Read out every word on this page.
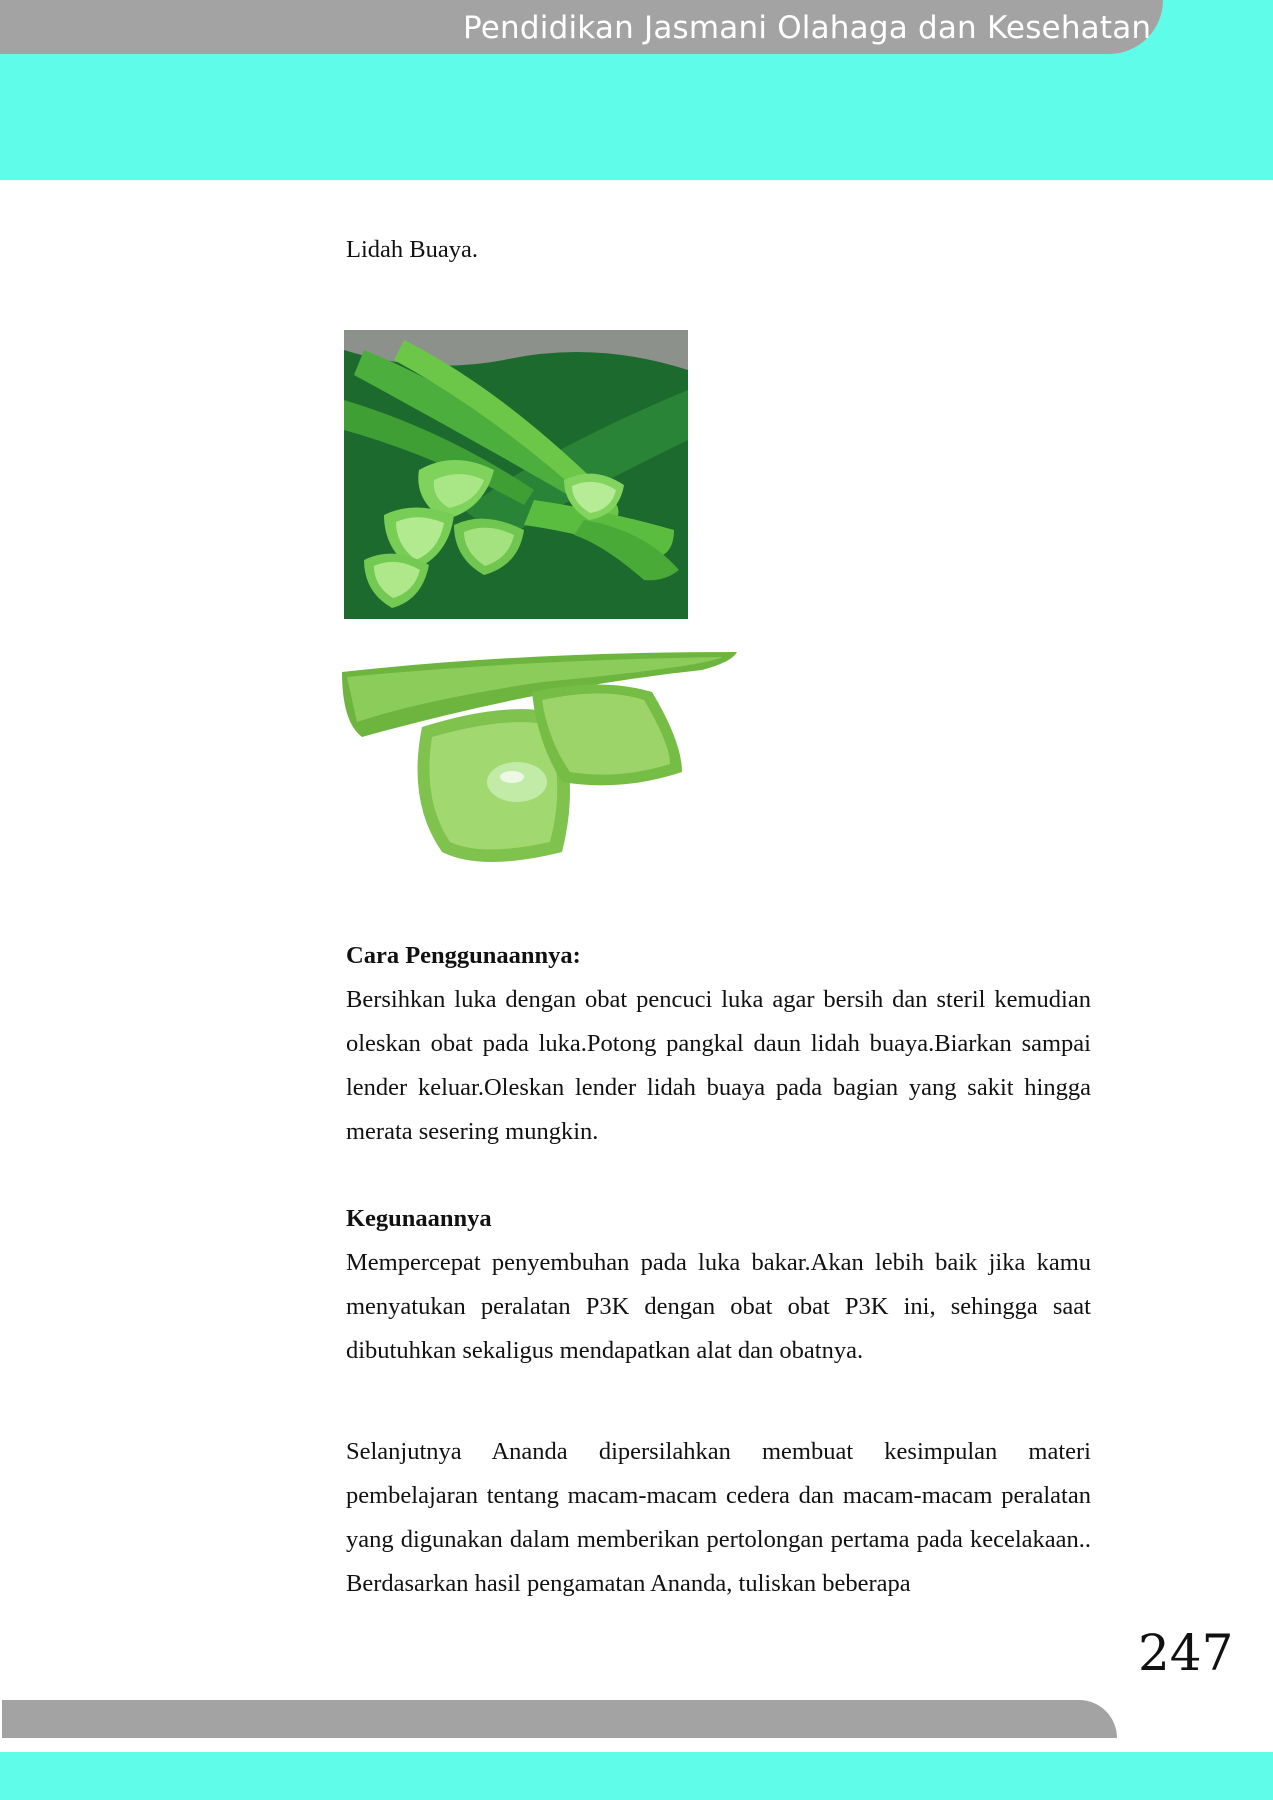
Pendidikan Jasmani Olahaga dan Kesehatan
Lidah Buaya.

Cara Penggunaannya:

Bersihkan luka dengan obat pencuci luka agar bersih dan steril kemudian oleskan obat pada luka.Potong pangkal daun lidah buaya.Biarkan sampai lender keluar.Oleskan lender lidah buaya pada bagian yang sakit hingga merata sesering mungkin.

Kegunaannya

Mempercepat penyembuhan pada luka bakar.Akan lebih baik jika kamu menyatukan peralatan P3K dengan obat obat P3K ini, sehingga saat dibutuhkan sekaligus mendapatkan alat dan obatnya.

Selanjutnya Ananda dipersilahkan membuat kesimpulan materi pembelajaran tentang macam-macam cedera dan macam-macam peralatan yang digunakan dalam memberikan pertolongan pertama pada kecelakaan.. Berdasarkan hasil pengamatan Ananda, tuliskan beberapa

247
